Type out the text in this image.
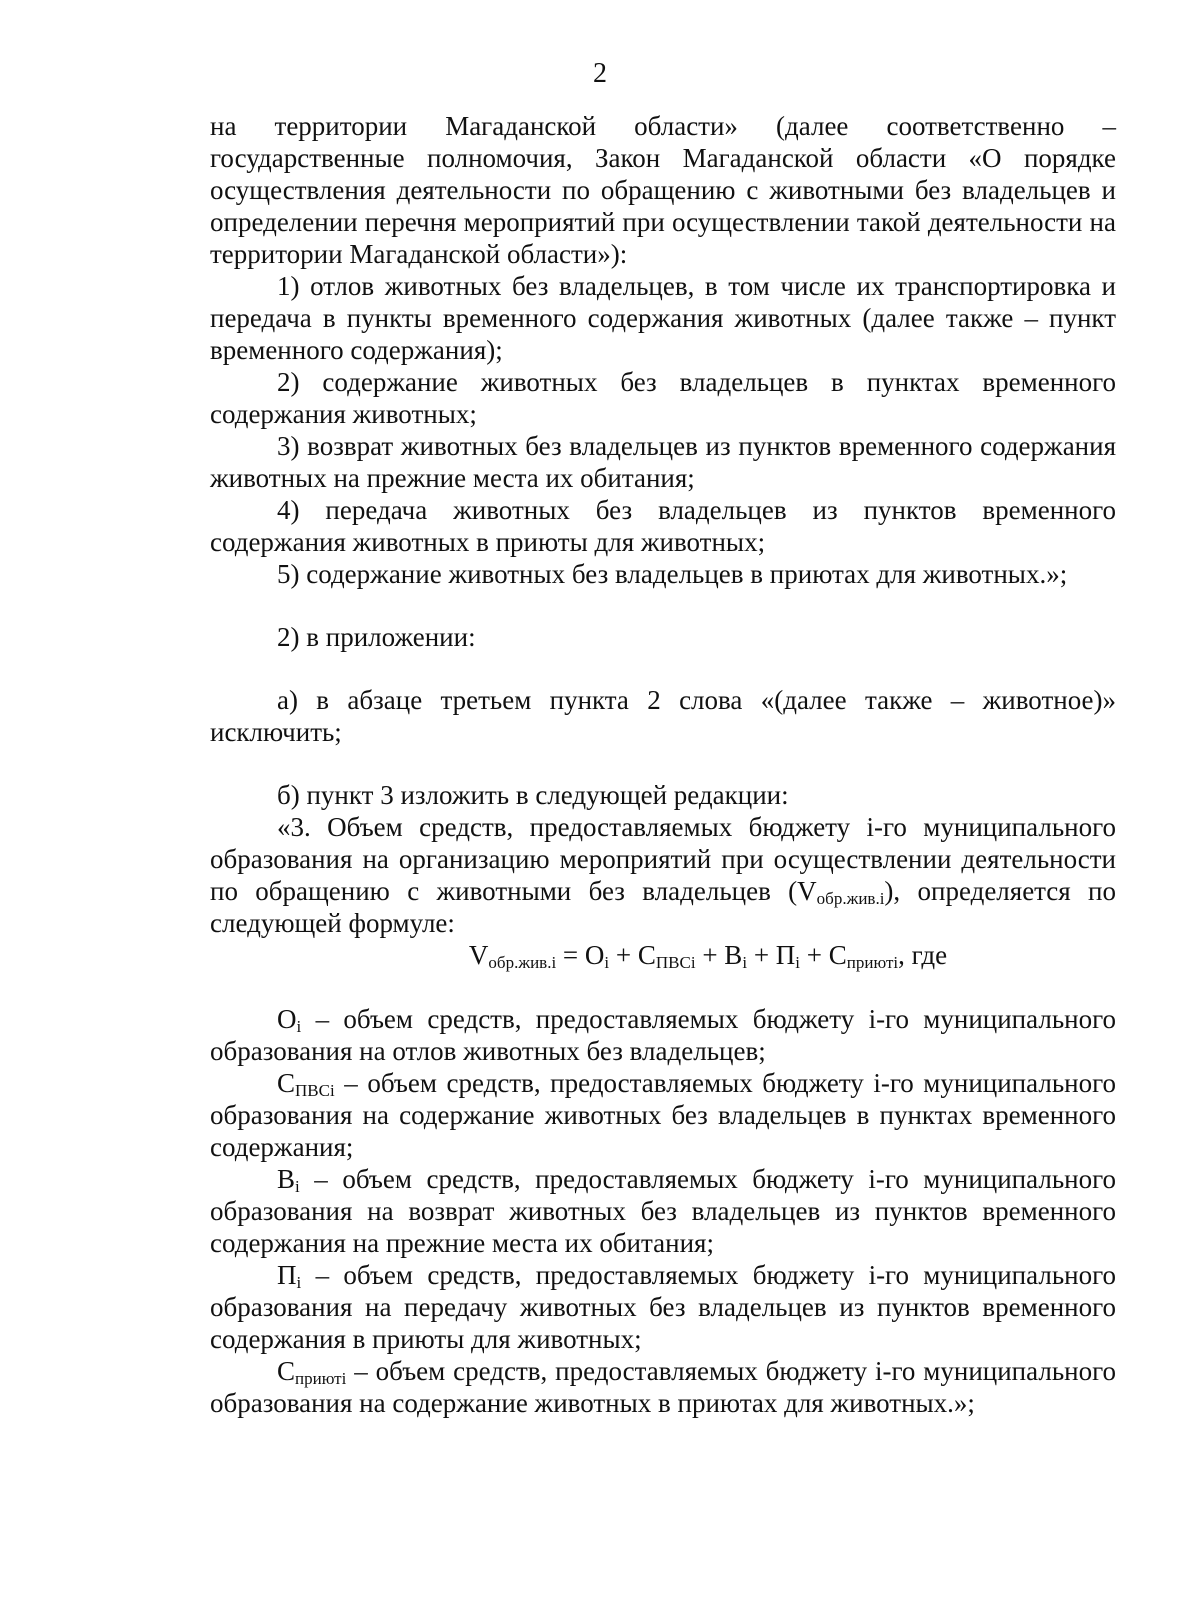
2

на территории Магаданской области» (далее соответственно – государственные полномочия, Закон Магаданской области «О порядке осуществления деятельности по обращению с животными без владельцев и определении перечня мероприятий при осуществлении такой деятельности на территории Магаданской области»):

1) отлов животных без владельцев, в том числе их транспортировка и передача в пункты временного содержания животных (далее также – пункт временного содержания);

2) содержание животных без владельцев в пунктах временного содержания животных;

3) возврат животных без владельцев из пунктов временного содержания животных на прежние места их обитания;

4) передача животных без владельцев из пунктов временного содержания животных в приюты для животных;

5) содержание животных без владельцев в приютах для животных.»;

2) в приложении:

а) в абзаце третьем пункта 2 слова «(далее также – животное)» исключить;

б) пункт 3 изложить в следующей редакции:

«3. Объем средств, предоставляемых бюджету i-го муниципального образования на организацию мероприятий при осуществлении деятельности по обращению с животными без владельцев $(V_{обр.жив.i})$, определяется по следующей формуле:

$V_{обр.жив.i} = O_i + C_{ПВСi} + B_i + П_i + C_{приютi}$, где

$O_i$ – объем средств, предоставляемых бюджету i-го муниципального образования на отлов животных без владельцев;

$C_{ПВСi}$ – объем средств, предоставляемых бюджету i-го муниципального образования на содержание животных без владельцев в пунктах временного содержания;

$B_i$ – объем средств, предоставляемых бюджету i-го муниципального образования на возврат животных без владельцев из пунктов временного содержания на прежние места их обитания;

$П_i$ – объем средств, предоставляемых бюджету i-го муниципального образования на передачу животных без владельцев из пунктов временного содержания в приюты для животных;

$C_{приютi}$ – объем средств, предоставляемых бюджету i-го муниципального образования на содержание животных в приютах для животных.»;
